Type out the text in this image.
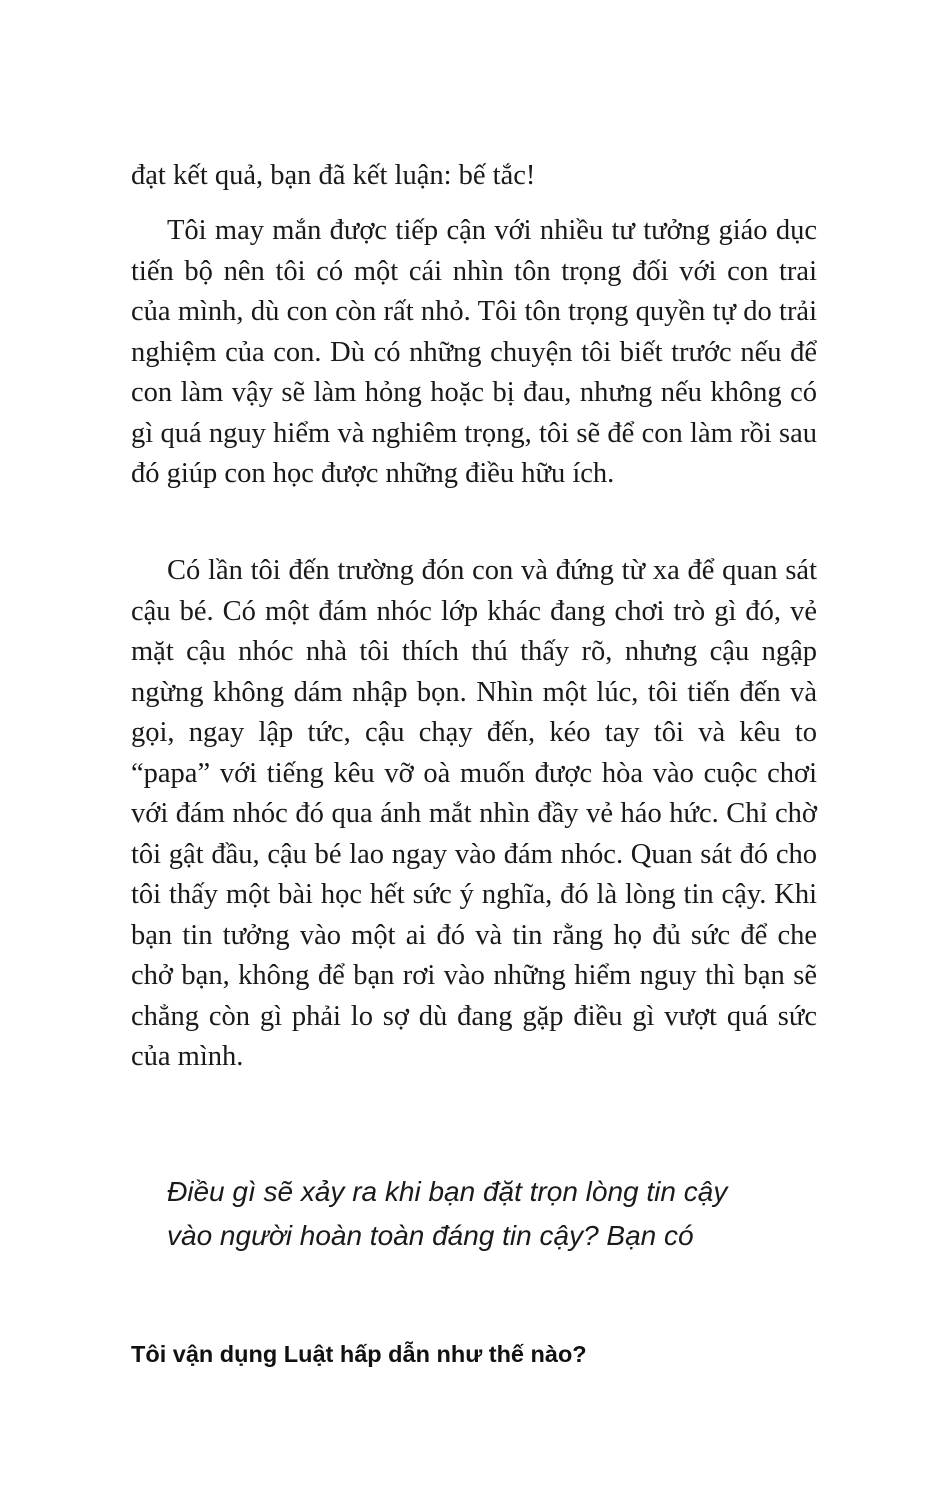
đạt kết quả, bạn đã kết luận: bế tắc!

Tôi may mắn được tiếp cận với nhiều tư tưởng giáo dục tiến bộ nên tôi có một cái nhìn tôn trọng đối với con trai của mình, dù con còn rất nhỏ. Tôi tôn trọng quyền tự do trải nghiệm của con. Dù có những chuyện tôi biết trước nếu để con làm vậy sẽ làm hỏng hoặc bị đau, nhưng nếu không có gì quá nguy hiểm và nghiêm trọng, tôi sẽ để con làm rồi sau đó giúp con học được những điều hữu ích.

Có lần tôi đến trường đón con và đứng từ xa để quan sát cậu bé. Có một đám nhóc lớp khác đang chơi trò gì đó, vẻ mặt cậu nhóc nhà tôi thích thú thấy rõ, nhưng cậu ngập ngừng không dám nhập bọn. Nhìn một lúc, tôi tiến đến và gọi, ngay lập tức, cậu chạy đến, kéo tay tôi và kêu to “papa” với tiếng kêu vỡ oà muốn được hòa vào cuộc chơi với đám nhóc đó qua ánh mắt nhìn đầy vẻ háo hức. Chỉ chờ tôi gật đầu, cậu bé lao ngay vào đám nhóc. Quan sát đó cho tôi thấy một bài học hết sức ý nghĩa, đó là lòng tin cậy. Khi bạn tin tưởng vào một ai đó và tin rằng họ đủ sức để che chở bạn, không để bạn rơi vào những hiểm nguy thì bạn sẽ chẳng còn gì phải lo sợ dù đang gặp điều gì vượt quá sức của mình.

Điều gì sẽ xảy ra khi bạn đặt trọn lòng tin cậy
vào người hoàn toàn đáng tin cậy? Bạn có
Tôi vận dụng Luật hấp dẫn như thế nào?
